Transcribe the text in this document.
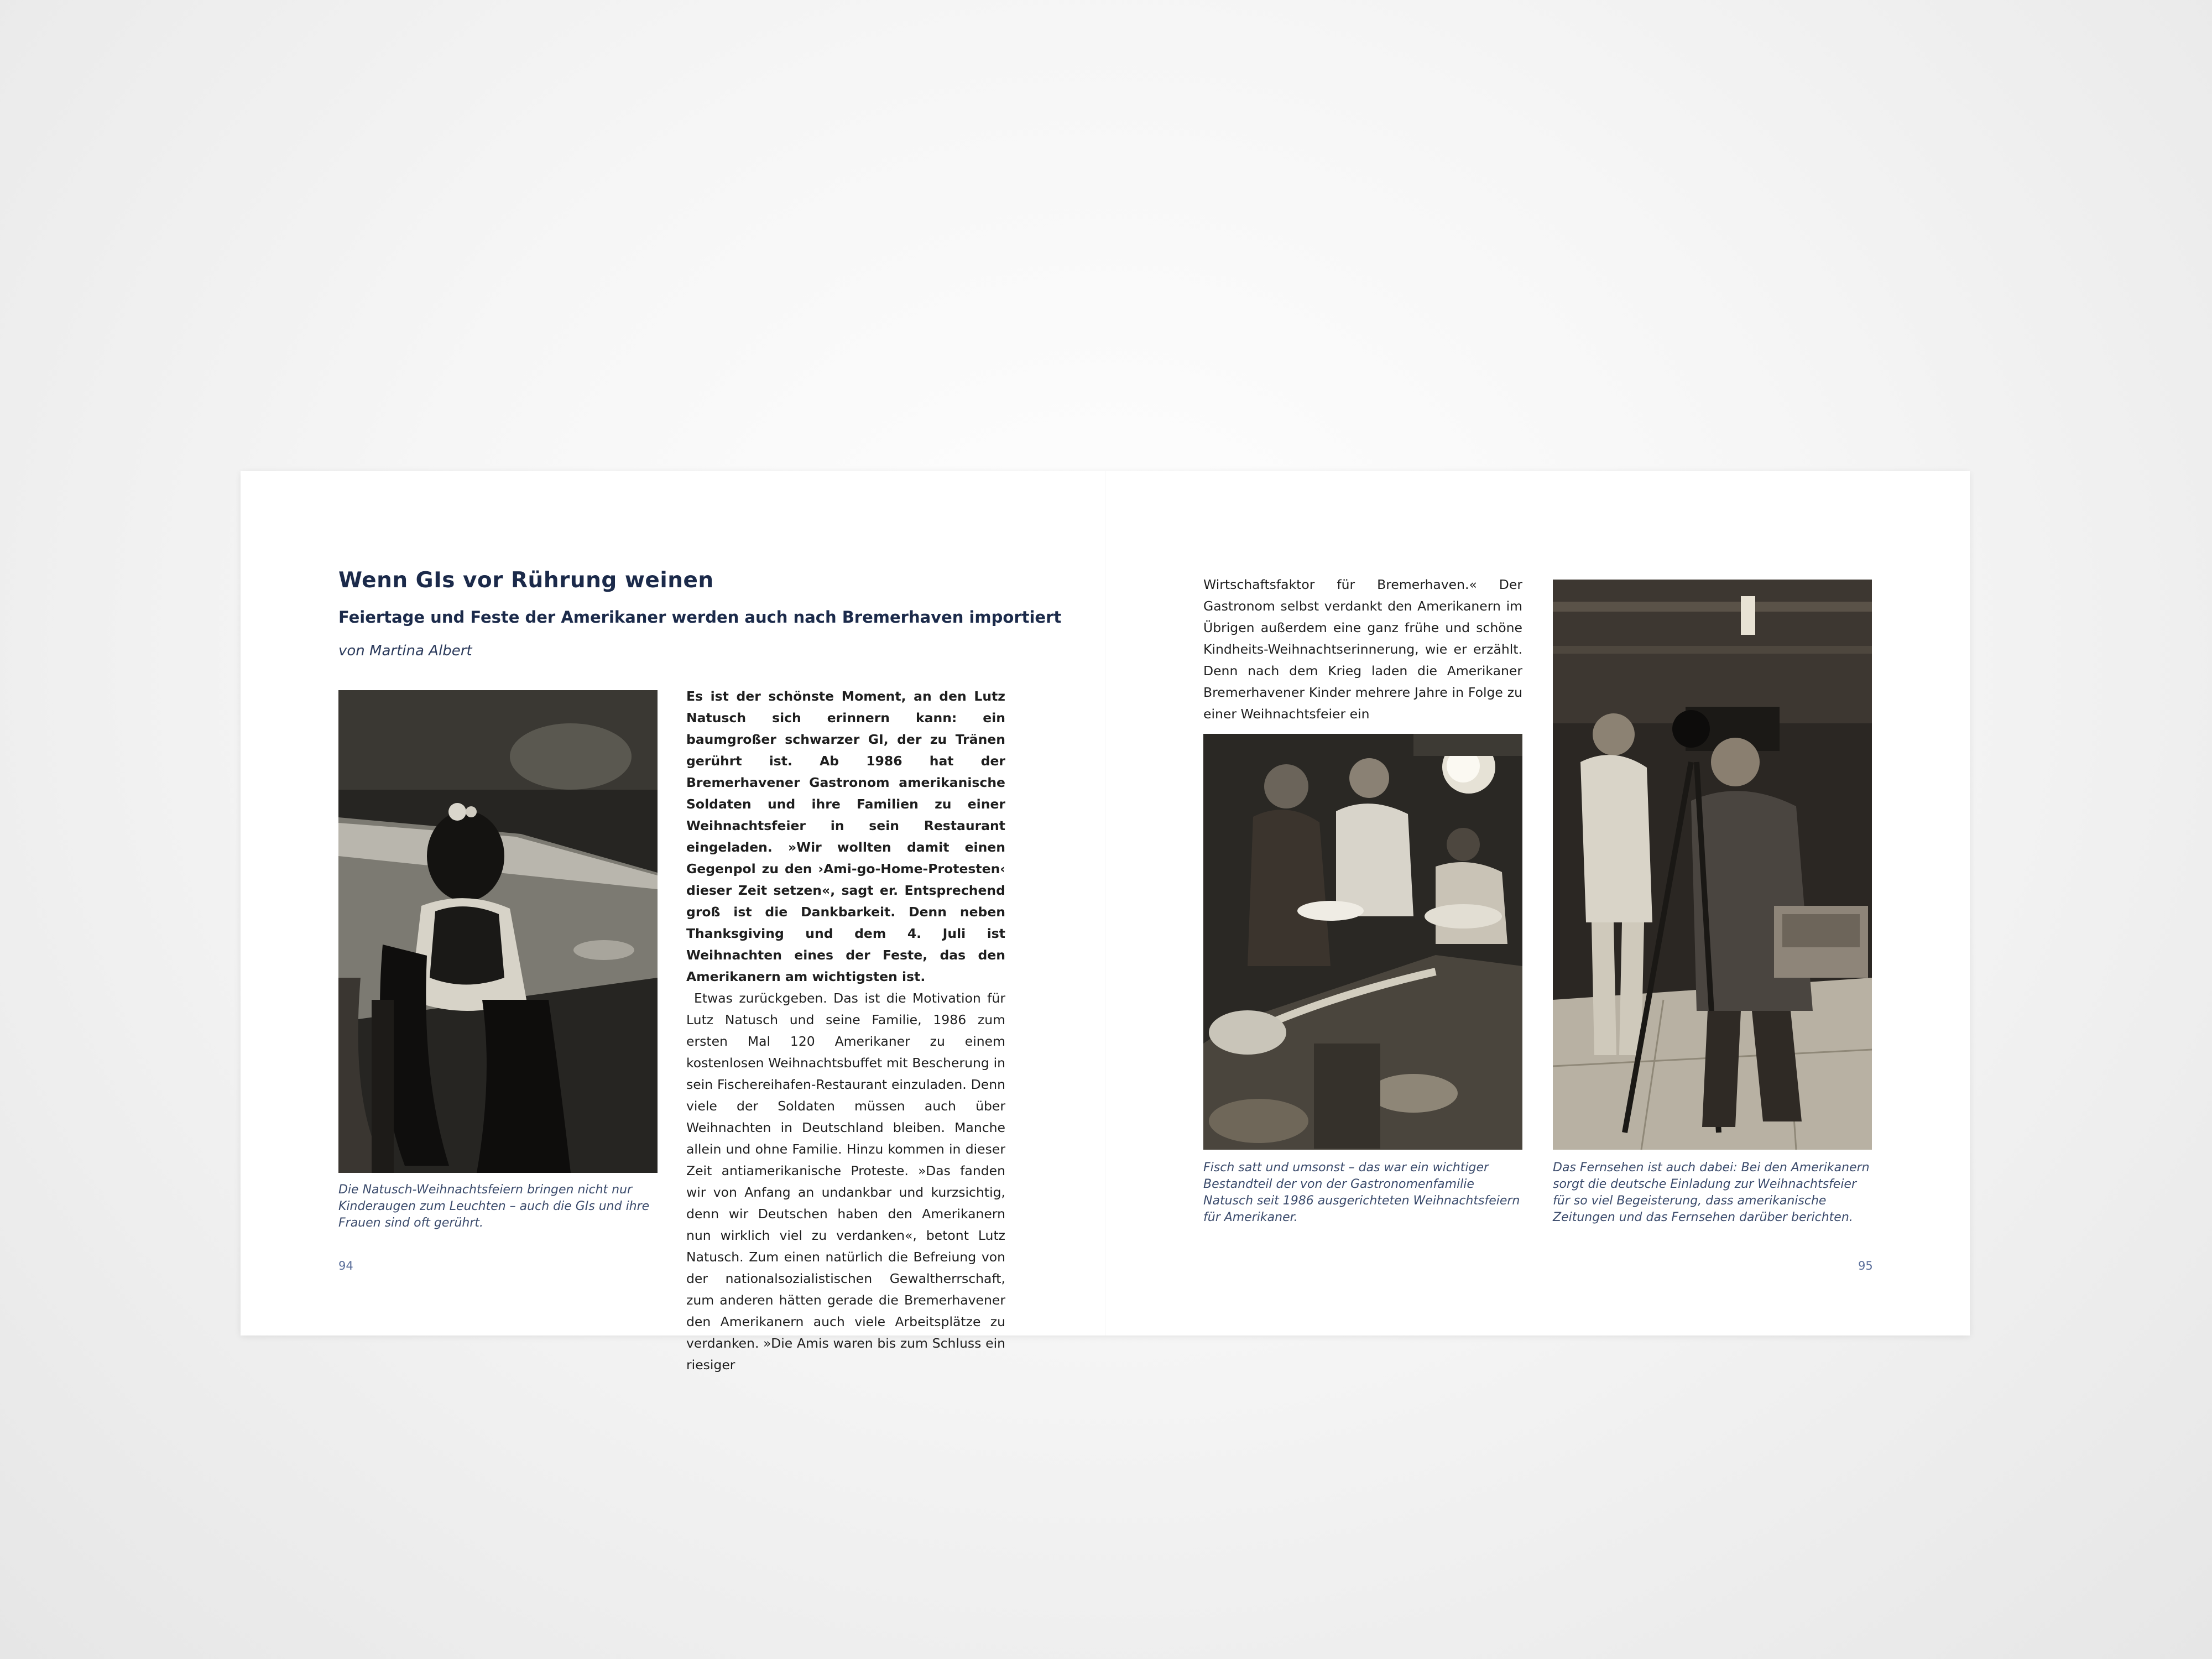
Wenn GIs vor Rührung weinen
Feiertage und Feste der Amerikaner werden auch nach Bremerhaven importiert

von Martina Albert

Die Natusch-Weihnachtsfeiern bringen nicht nur Kinderaugen zum Leuchten – auch die GIs und ihre Frauen sind oft gerührt.

Es ist der schönste Moment, an den Lutz Natusch sich erinnern kann: ein baumgroßer schwarzer GI, der zu Tränen gerührt ist. Ab 1986 hat der Bremerhavener Gastronom amerikanische Soldaten und ihre Familien zu einer Weihnachtsfeier in sein Restaurant eingeladen. »Wir wollten damit einen Gegenpol zu den ›Ami-go-Home-Protesten‹ dieser Zeit setzen«, sagt er. Entsprechend groß ist die Dankbarkeit. Denn neben Thanksgiving und dem 4. Juli ist Weihnachten eines der Feste, das den Amerikanern am wichtigsten ist.
Etwas zurückgeben. Das ist die Motivation für Lutz Natusch und seine Familie, 1986 zum ersten Mal 120 Amerikaner zu einem kostenlosen Weihnachtsbuffet mit Bescherung in sein Fischereihafen-Restaurant einzuladen. Denn viele der Soldaten müssen auch über Weihnachten in Deutschland bleiben. Manche allein und ohne Familie. Hinzu kommen in dieser Zeit antiamerikanische Proteste. »Das fanden wir von Anfang an undankbar und kurzsichtig, denn wir Deutschen haben den Amerikanern nun wirklich viel zu verdanken«, betont Lutz Natusch. Zum einen natürlich die Befreiung von der nationalsozialistischen Gewaltherrschaft, zum anderen hätten gerade die Bremerhavener den Amerikanern auch viele Arbeitsplätze zu verdanken. »Die Amis waren bis zum Schluss ein riesiger

94

Wirtschaftsfaktor für Bremerhaven.« Der Gastronom selbst verdankt den Amerikanern im Übrigen außerdem eine ganz frühe und schöne Kindheits-Weihnachtserinnerung, wie er erzählt. Denn nach dem Krieg laden die Amerikaner Bremerhavener Kinder mehrere Jahre in Folge zu einer Weihnachtsfeier ein

Fisch satt und umsonst – das war ein wichtiger Bestandteil der von der Gastronomenfamilie Natusch seit 1986 ausgerichteten Weihnachtsfeiern für Amerikaner.

Das Fernsehen ist auch dabei: Bei den Amerikanern sorgt die deutsche Einladung zur Weihnachtsfeier für so viel Begeisterung, dass amerikanische Zeitungen und das Fernsehen darüber berichten.

95
